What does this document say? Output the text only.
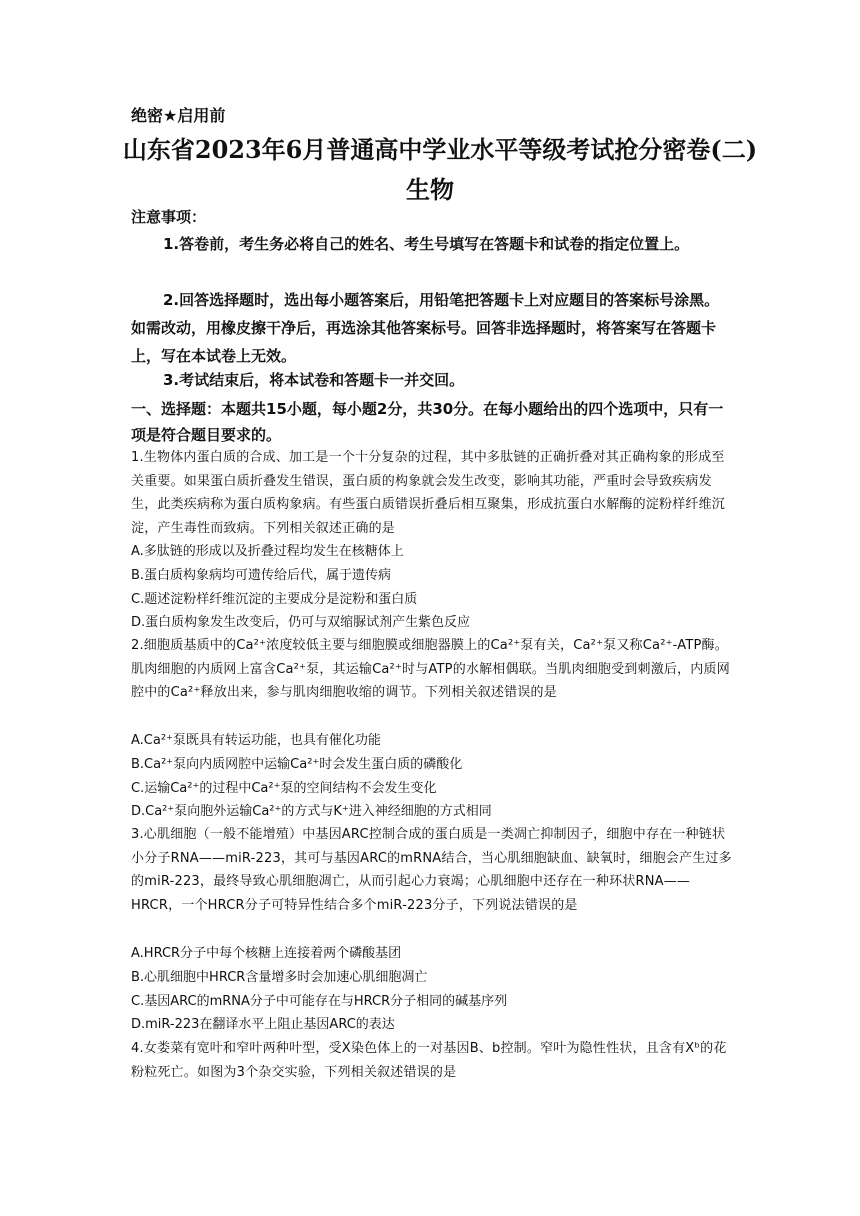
绝密★启用前
山东省2023年6月普通高中学业水平等级考试抢分密卷(二)
生物
注意事项：
1.答卷前，考生务必将自己的姓名、考生号填写在答题卡和试卷的指定位置上。
2.回答选择题时，选出每小题答案后，用铅笔把答题卡上对应题目的答案标号涂黑。如需改动，用橡皮擦干净后，再选涂其他答案标号。回答非选择题时，将答案写在答题卡上，写在本试卷上无效。
3.考试结束后，将本试卷和答题卡一并交回。
一、选择题：本题共15小题，每小题2分，共30分。在每小题给出的四个选项中，只有一项是符合题目要求的。
1.生物体内蛋白质的合成、加工是一个十分复杂的过程，其中多肽链的正确折叠对其正确构象的形成至关重要。如果蛋白质折叠发生错误，蛋白质的构象就会发生改变，影响其功能，严重时会导致疾病发生，此类疾病称为蛋白质构象病。有些蛋白质错误折叠后相互聚集，形成抗蛋白水解酶的淀粉样纤维沉淀，产生毒性而致病。下列相关叙述正确的是
A.多肽链的形成以及折叠过程均发生在核糖体上
B.蛋白质构象病均可遗传给后代，属于遗传病
C.题述淀粉样纤维沉淀的主要成分是淀粉和蛋白质
D.蛋白质构象发生改变后，仍可与双缩脲试剂产生紫色反应
2.细胞质基质中的Ca²⁺浓度较低主要与细胞膜或细胞器膜上的Ca²⁺泵有关，Ca²⁺泵又称Ca²⁺-ATP酶。肌肉细胞的内质网上富含Ca²⁺泵，其运输Ca²⁺时与ATP的水解相偶联。当肌肉细胞受到刺激后，内质网腔中的Ca²⁺释放出来，参与肌肉细胞收缩的调节。下列相关叙述错误的是
A.Ca²⁺泵既具有转运功能，也具有催化功能
B.Ca²⁺泵向内质网腔中运输Ca²⁺时会发生蛋白质的磷酸化
C.运输Ca²⁺的过程中Ca²⁺泵的空间结构不会发生变化
D.Ca²⁺泵向胞外运输Ca²⁺的方式与K⁺进入神经细胞的方式相同
3.心肌细胞（一般不能增殖）中基因ARC控制合成的蛋白质是一类凋亡抑制因子，细胞中存在一种链状小分子RNA——miR-223，其可与基因ARC的mRNA结合，当心肌细胞缺血、缺氧时，细胞会产生过多的miR-223，最终导致心肌细胞凋亡，从而引起心力衰竭；心肌细胞中还存在一种环状RNA——HRCR，一个HRCR分子可特异性结合多个miR-223分子，下列说法错误的是
A.HRCR分子中每个核糖上连接着两个磷酸基团
B.心肌细胞中HRCR含量增多时会加速心肌细胞凋亡
C.基因ARC的mRNA分子中可能存在与HRCR分子相同的碱基序列
D.miR-223在翻译水平上阻止基因ARC的表达
4.女娄菜有宽叶和窄叶两种叶型，受X染色体上的一对基因B、b控制。窄叶为隐性性状，且含有Xᵇ的花粉粒死亡。如图为3个杂交实验，下列相关叙述错误的是
